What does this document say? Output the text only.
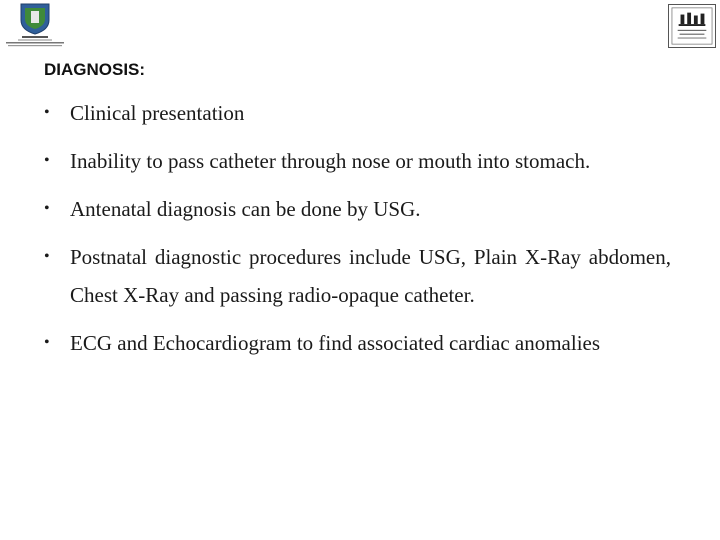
DIAGNOSIS:
• Clinical presentation
• Inability to pass catheter through nose or mouth into stomach.
• Antenatal diagnosis can be done by USG.
• Postnatal diagnostic procedures include USG, Plain X-Ray abdomen, Chest X-Ray and passing radio-opaque catheter.
• ECG and Echocardiogram to find associated cardiac anomalies
